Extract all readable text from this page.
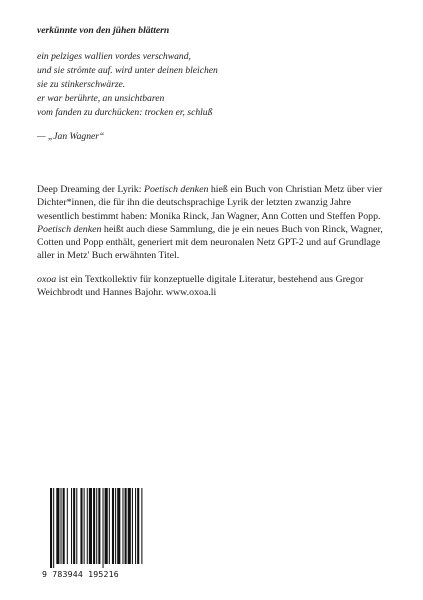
verkünnte von den jühen blättern
ein pelziges wallien vordes verschwand,
und sie strömte auf. wird unter deinen bleichen
sie zu stinkerschwärze.
er war berührte, an unsichtbaren
vom fanden zu durchücken: trocken er, schluß
— „Jan Wagner“

Deep Dreaming der Lyrik: Poetisch denken hieß ein Buch von Christian Metz über vier Dichter*innen, die für ihn die deutschsprachige Lyrik der letzten zwanzig Jahre wesentlich bestimmt haben: Monika Rinck, Jan Wagner, Ann Cotten und Steffen Popp. Poetisch denken heißt auch diese Sammlung, die je ein neues Buch von Rinck, Wagner, Cotten und Popp enthält, generiert mit dem neuronalen Netz GPT-2 und auf Grundlage aller in Metz' Buch erwähnten Titel.

oxoa ist ein Textkollektiv für konzeptuelle digitale Literatur, bestehend aus Gregor Weichbrodt und Hannes Bajohr. www.oxoa.li

9 783944 195216
